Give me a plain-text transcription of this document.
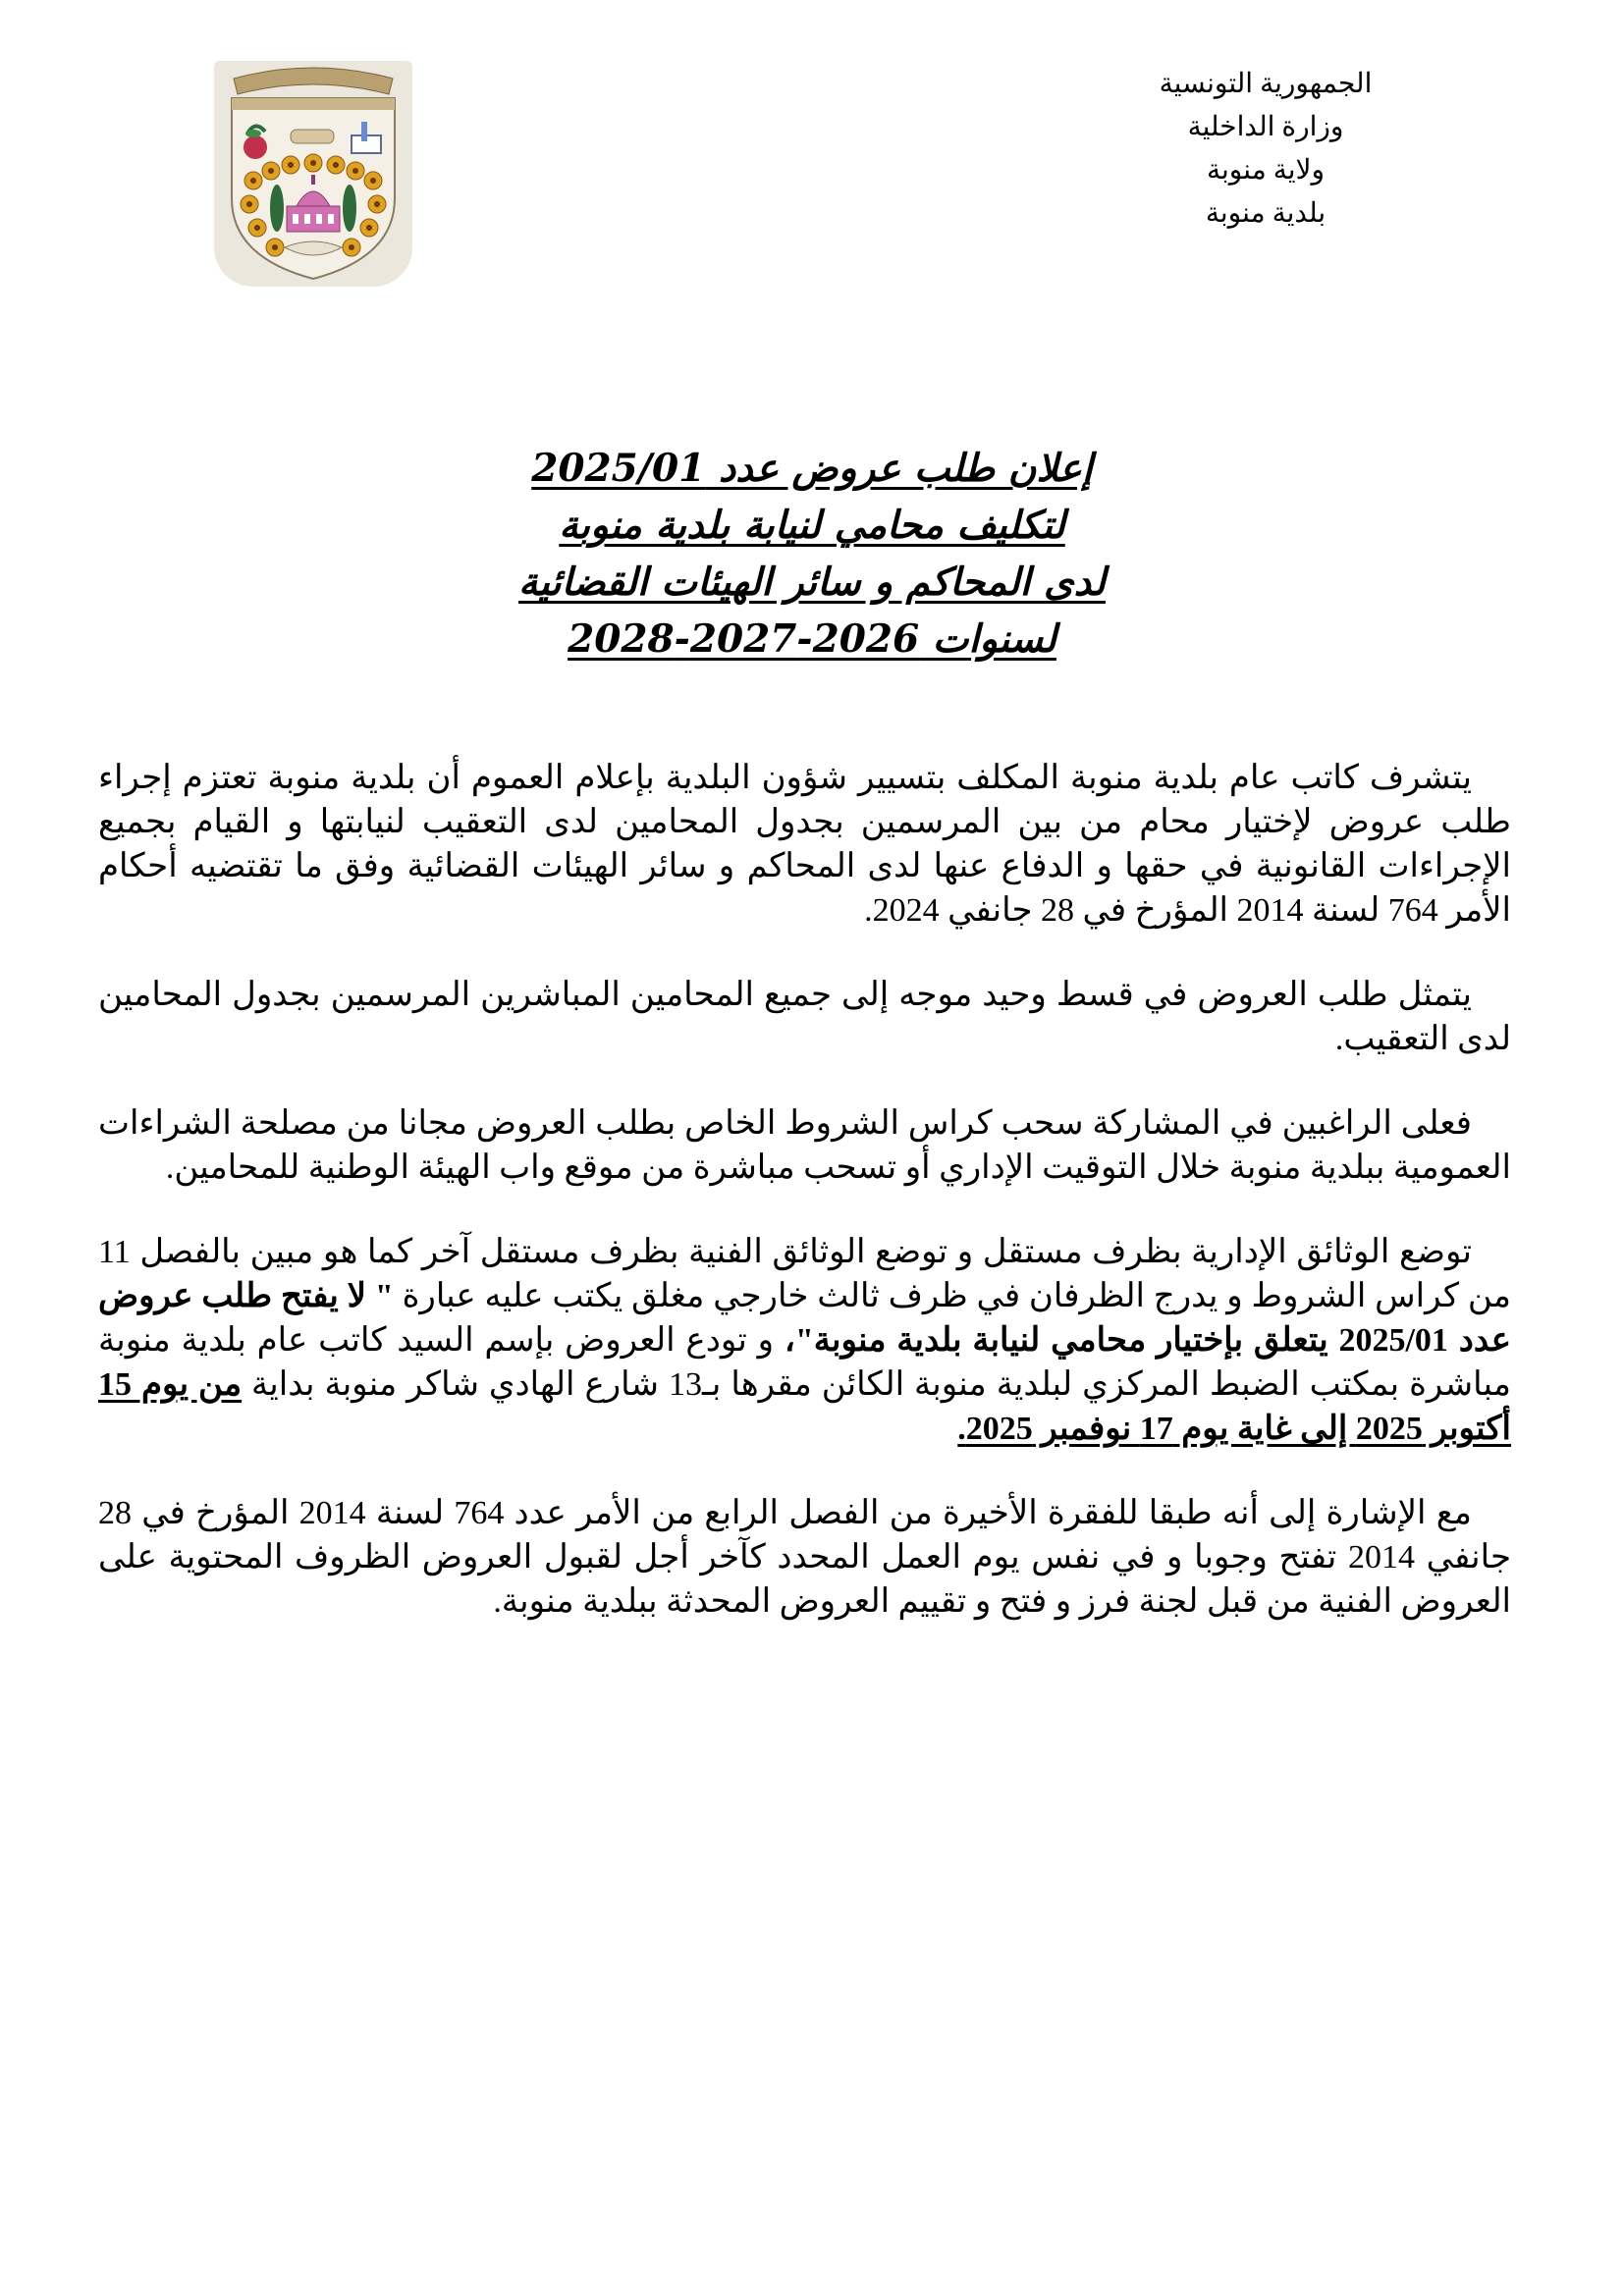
الجمهورية التونسية
وزارة الداخلية
ولاية منوبة
بلدية منوبة
إعلان طلب عروض عدد 2025/01
لتكليف محامي لنيابة بلدية منوبة
لدى المحاكم و سائر الهيئات القضائية
لسنوات 2026-2027-2028

يتشرف كاتب عام بلدية منوبة المكلف بتسيير شؤون البلدية بإعلام العموم أن بلدية منوبة تعتزم إجراء طلب عروض لإختيار محام من بين المرسمين بجدول المحامين لدى التعقيب لنيابتها و القيام بجميع الإجراءات القانونية في حقها و الدفاع عنها لدى المحاكم و سائر الهيئات القضائية وفق ما تقتضيه أحكام الأمر 764 لسنة 2014 المؤرخ في 28 جانفي 2024.

يتمثل طلب العروض في قسط وحيد موجه إلى جميع المحامين المباشرين المرسمين بجدول المحامين لدى التعقيب.

فعلى الراغبين في المشاركة سحب كراس الشروط الخاص بطلب العروض مجانا من مصلحة الشراءات العمومية ببلدية منوبة خلال التوقيت الإداري أو تسحب مباشرة من موقع واب الهيئة الوطنية للمحامين.

توضع الوثائق الإدارية بظرف مستقل و توضع الوثائق الفنية بظرف مستقل آخر كما هو مبين بالفصل 11 من كراس الشروط و يدرج الظرفان في ظرف ثالث خارجي مغلق يكتب عليه عبارة " لا يفتح طلب عروض عدد 2025/01 يتعلق بإختيار محامي لنيابة بلدية منوبة"، و تودع العروض بإسم السيد كاتب عام بلدية منوبة مباشرة بمكتب الضبط المركزي لبلدية منوبة الكائن مقرها بـ13 شارع الهادي شاكر منوبة بداية من يوم 15 أكتوبر 2025 إلى غاية يوم 17 نوفمبر 2025.

مع الإشارة إلى أنه طبقا للفقرة الأخيرة من الفصل الرابع من الأمر عدد 764 لسنة 2014 المؤرخ في 28 جانفي 2014 تفتح وجوبا و في نفس يوم العمل المحدد كآخر أجل لقبول العروض الظروف المحتوية على العروض الفنية من قبل لجنة فرز و فتح و تقييم العروض المحدثة ببلدية منوبة.
